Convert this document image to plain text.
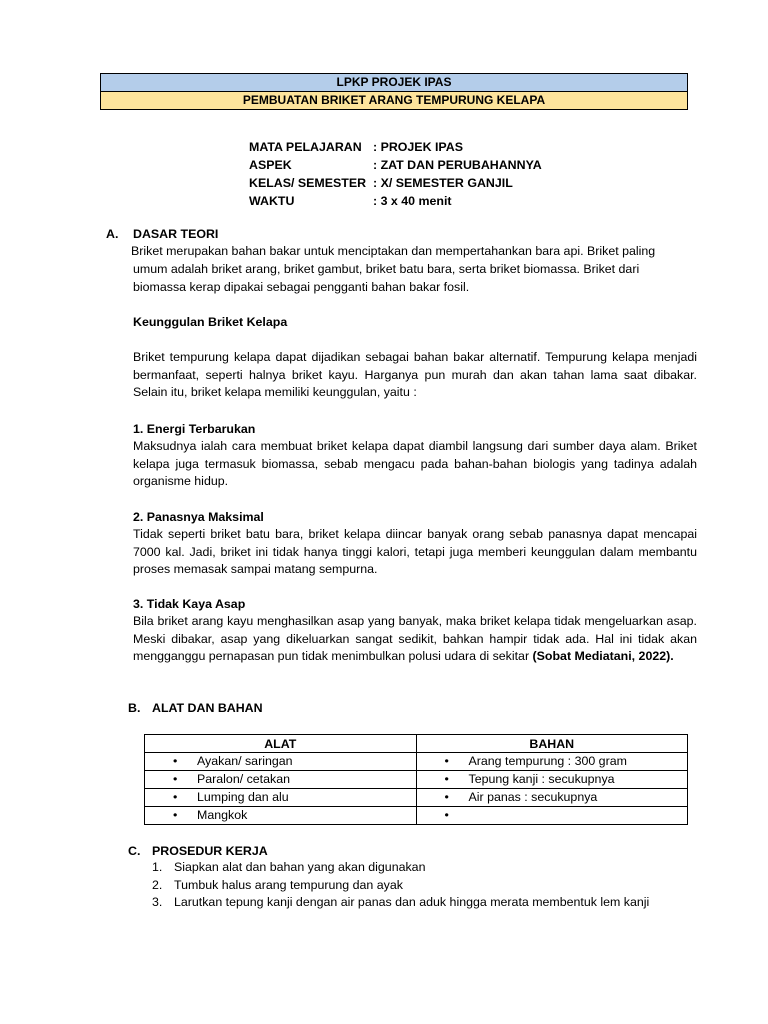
LPKP PROJEK IPAS
PEMBUATAN BRIKET ARANG TEMPURUNG KELAPA
MATA PELAJARAN : PROJEK IPAS
ASPEK	: ZAT DAN PERUBAHANNYA
KELAS/ SEMESTER : X/ SEMESTER GANJIL
WAKTU	: 3 x 40 menit
A. DASAR TEORI
Briket merupakan bahan bakar untuk menciptakan dan mempertahankan bara api. Briket paling
umum adalah briket arang, briket gambut, briket batu bara, serta briket biomassa. Briket dari
biomassa kerap dipakai sebagai pengganti bahan bakar fosil.
Keunggulan Briket Kelapa
Briket tempurung kelapa dapat dijadikan sebagai bahan bakar alternatif. Tempurung kelapa menjadi bermanfaat, seperti halnya briket kayu. Harganya pun murah dan akan tahan lama saat dibakar. Selain itu, briket kelapa memiliki keunggulan, yaitu :
1. Energi Terbarukan
Maksudnya ialah cara membuat briket kelapa dapat diambil langsung dari sumber daya alam. Briket kelapa juga termasuk biomassa, sebab mengacu pada bahan-bahan biologis yang tadinya adalah organisme hidup.
2. Panasnya Maksimal
Tidak seperti briket batu bara, briket kelapa diincar banyak orang sebab panasnya dapat mencapai 7000 kal. Jadi, briket ini tidak hanya tinggi kalori, tetapi juga memberi keunggulan dalam membantu proses memasak sampai matang sempurna.
3. Tidak Kaya Asap
Bila briket arang kayu menghasilkan asap yang banyak, maka briket kelapa tidak mengeluarkan asap. Meski dibakar, asap yang dikeluarkan sangat sedikit, bahkan hampir tidak ada. Hal ini tidak akan mengganggu pernapasan pun tidak menimbulkan polusi udara di sekitar (Sobat Mediatani, 2022).
B. ALAT DAN BAHAN
ALAT	BAHAN

• Ayakan/ saringan	• Arang tempurung : 300 gram

• Paralon/ cetakan	• Tepung kanji : secukupnya

• Lumping dan alu	• Air panas : secukupnya

• Mangkok	•
C. PROSEDUR KERJA
1. Siapkan alat dan bahan yang akan digunakan
2. Tumbuk halus arang tempurung dan ayak
3. Larutkan tepung kanji dengan air panas dan aduk hingga merata membentuk lem kanji
